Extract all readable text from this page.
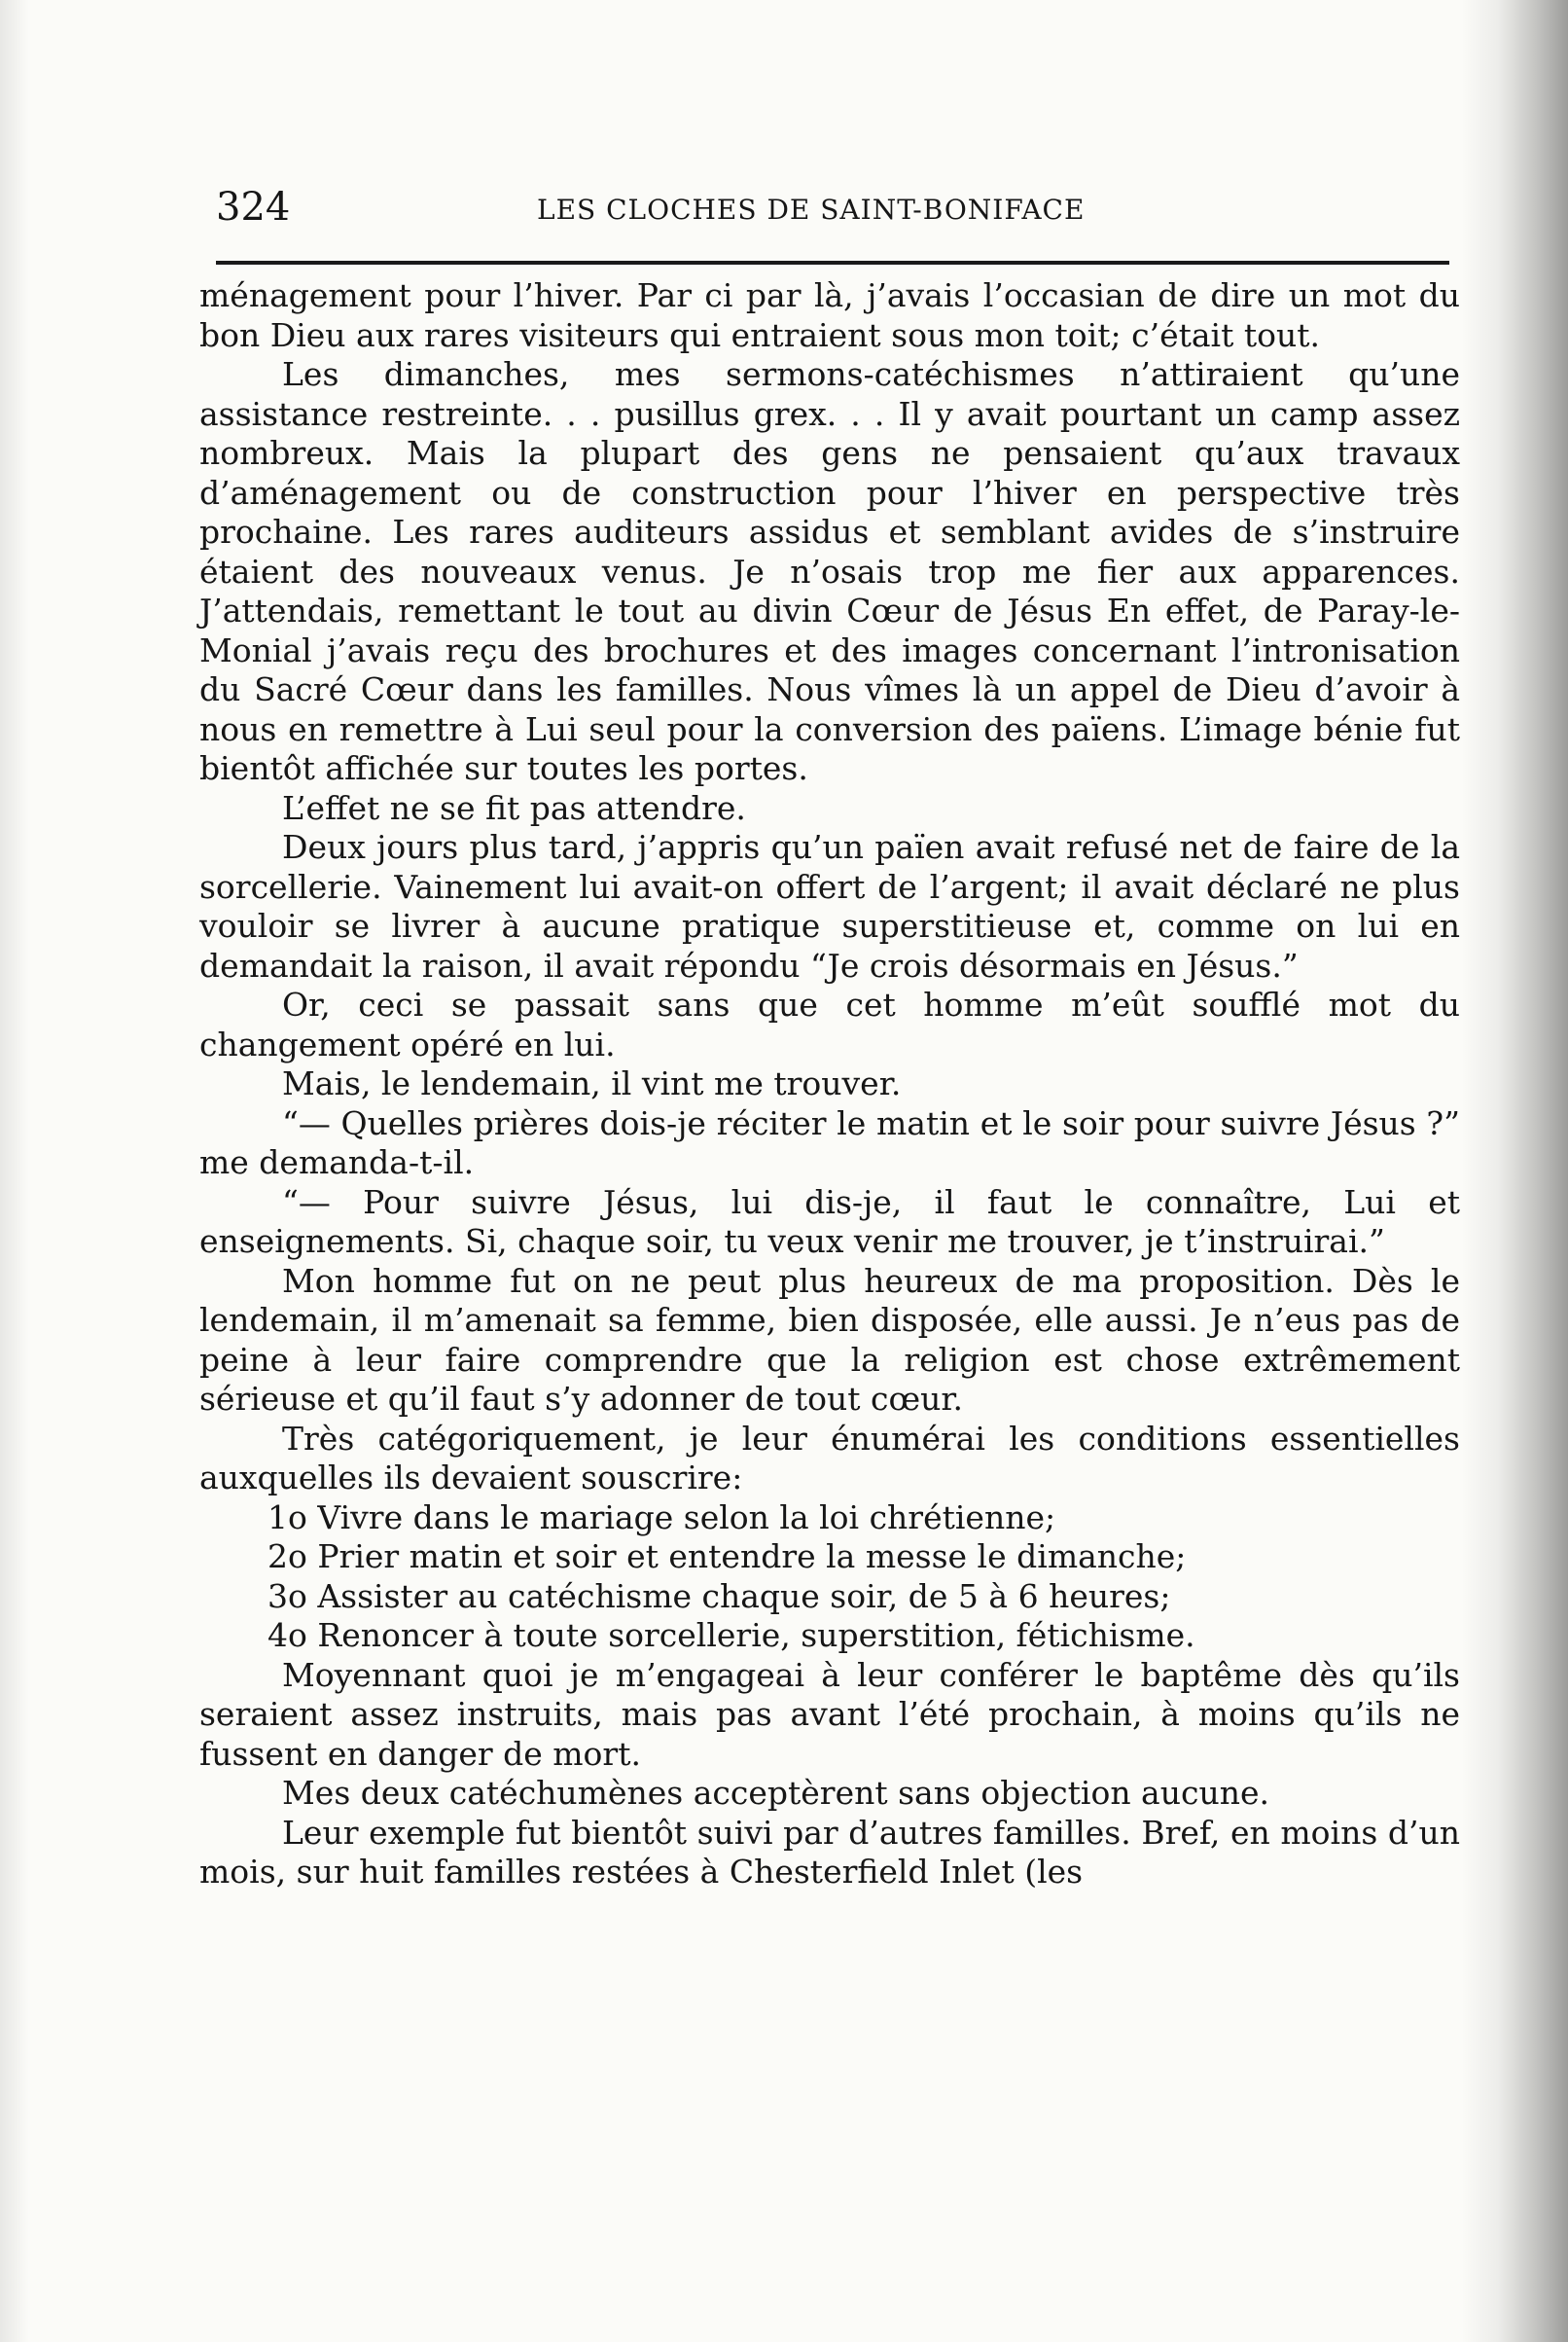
324	LES CLOCHES DE SAINT-BONIFACE

ménagement pour l’hiver. Par ci par là, j’avais l’occasian de dire un mot du bon Dieu aux rares visiteurs qui entraient sous mon toit; c’était tout.

Les dimanches, mes sermons-catéchismes n’attiraient qu’une assistance restreinte. . . pusillus grex. . . Il y avait pourtant un camp assez nombreux. Mais la plupart des gens ne pensaient qu’aux travaux d’aménagement ou de construction pour l’hiver en perspective très prochaine. Les rares auditeurs assidus et semblant avides de s’instruire étaient des nouveaux venus. Je n’osais trop me fier aux apparences. J’attendais, remettant le tout au divin Cœur de Jésus En effet, de Paray-le-Monial j’avais reçu des brochures et des images concernant l’intronisation du Sacré Cœur dans les familles. Nous vîmes là un appel de Dieu d’avoir à nous en remettre à Lui seul pour la conversion des païens. L’image bénie fut bientôt affichée sur toutes les portes.

L’effet ne se fit pas attendre.

Deux jours plus tard, j’appris qu’un païen avait refusé net de faire de la sorcellerie. Vainement lui avait-on offert de l’argent; il avait déclaré ne plus vouloir se livrer à aucune pratique superstitieuse et, comme on lui en demandait la raison, il avait répondu “Je crois désormais en Jésus.”

Or, ceci se passait sans que cet homme m’eût soufflé mot du changement opéré en lui.

Mais, le lendemain, il vint me trouver.

“— Quelles prières dois-je réciter le matin et le soir pour suivre Jésus ?” me demanda-t-il.

“— Pour suivre Jésus, lui dis-je, il faut le connaître, Lui et enseignements. Si, chaque soir, tu veux venir me trouver, je t’instruirai.”

Mon homme fut on ne peut plus heureux de ma proposition. Dès le lendemain, il m’amenait sa femme, bien disposée, elle aussi. Je n’eus pas de peine à leur faire comprendre que la religion est chose extrêmement sérieuse et qu’il faut s’y adonner de tout cœur.

Très catégoriquement, je leur énumérai les conditions essentielles auxquelles ils devaient souscrire:

1o Vivre dans le mariage selon la loi chrétienne;

2o Prier matin et soir et entendre la messe le dimanche;

3o Assister au catéchisme chaque soir, de 5 à 6 heures;

4o Renoncer à toute sorcellerie, superstition, fétichisme.

Moyennant quoi je m’engageai à leur conférer le baptême dès qu’ils seraient assez instruits, mais pas avant l’été prochain, à moins qu’ils ne fussent en danger de mort.

Mes deux catéchumènes acceptèrent sans objection aucune.

Leur exemple fut bientôt suivi par d’autres familles. Bref, en moins d’un mois, sur huit familles restées à Chesterfield Inlet (les
